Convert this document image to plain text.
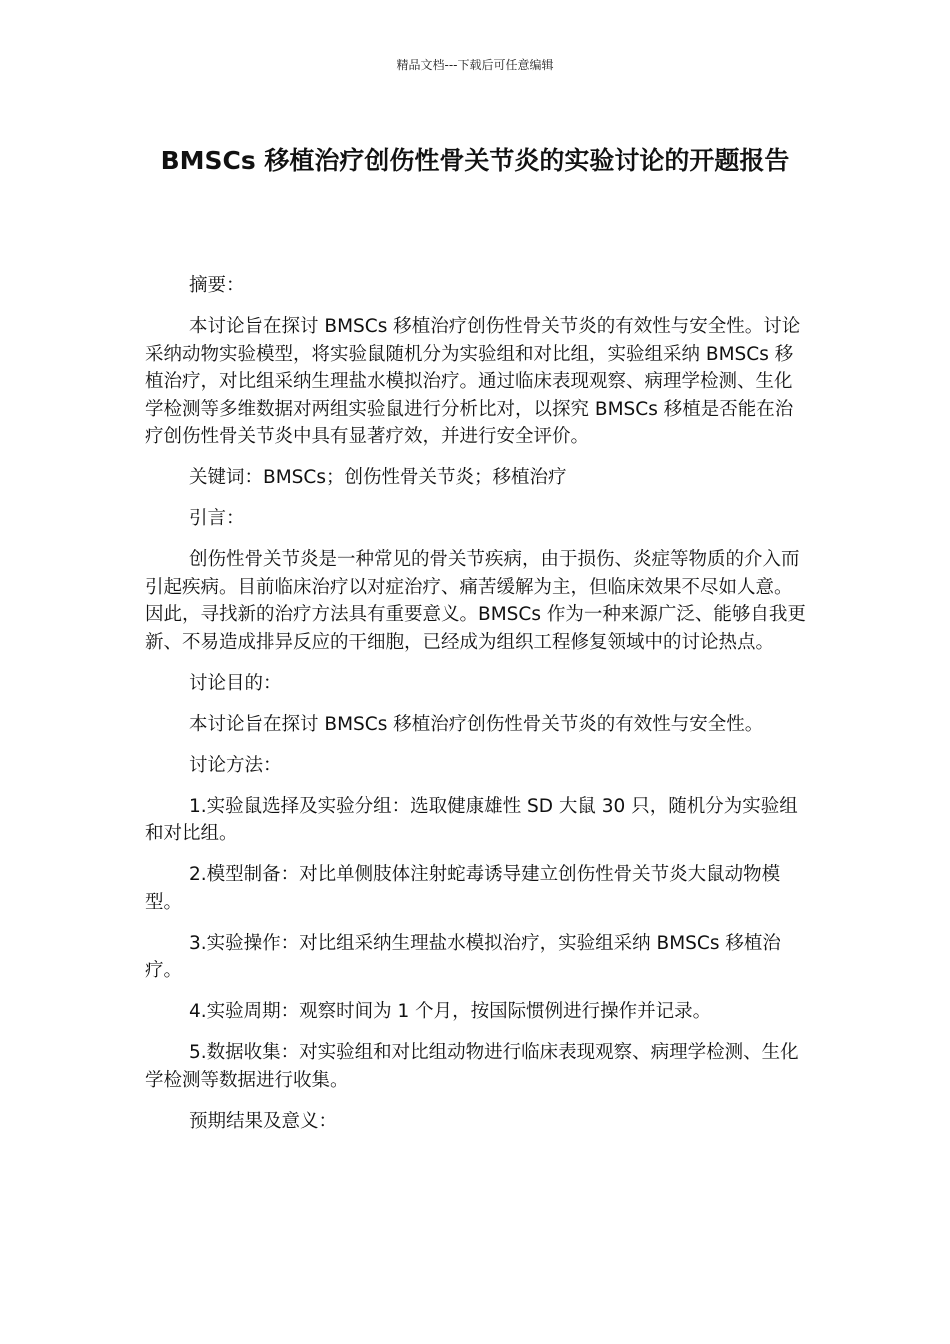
精品文档---下载后可任意编辑
BMSCs 移植治疗创伤性骨关节炎的实验讨论的开题报告

摘要：

本讨论旨在探讨 BMSCs 移植治疗创伤性骨关节炎的有效性与安全性。讨论采纳动物实验模型，将实验鼠随机分为实验组和对比组，实验组采纳 BMSCs 移植治疗，对比组采纳生理盐水模拟治疗。通过临床表现观察、病理学检测、生化学检测等多维数据对两组实验鼠进行分析比对，以探究 BMSCs 移植是否能在治疗创伤性骨关节炎中具有显著疗效，并进行安全评价。

关键词：BMSCs；创伤性骨关节炎；移植治疗

引言：

创伤性骨关节炎是一种常见的骨关节疾病，由于损伤、炎症等物质的介入而引起疾病。目前临床治疗以对症治疗、痛苦缓解为主，但临床效果不尽如人意。因此，寻找新的治疗方法具有重要意义。BMSCs 作为一种来源广泛、能够自我更新、不易造成排异反应的干细胞，已经成为组织工程修复领域中的讨论热点。

讨论目的：

本讨论旨在探讨 BMSCs 移植治疗创伤性骨关节炎的有效性与安全性。

讨论方法：

1.实验鼠选择及实验分组：选取健康雄性 SD 大鼠 30 只，随机分为实验组和对比组。

2.模型制备：对比单侧肢体注射蛇毒诱导建立创伤性骨关节炎大鼠动物模型。

3.实验操作：对比组采纳生理盐水模拟治疗，实验组采纳 BMSCs 移植治疗。

4.实验周期：观察时间为 1 个月，按国际惯例进行操作并记录。

5.数据收集：对实验组和对比组动物进行临床表现观察、病理学检测、生化学检测等数据进行收集。

预期结果及意义：
